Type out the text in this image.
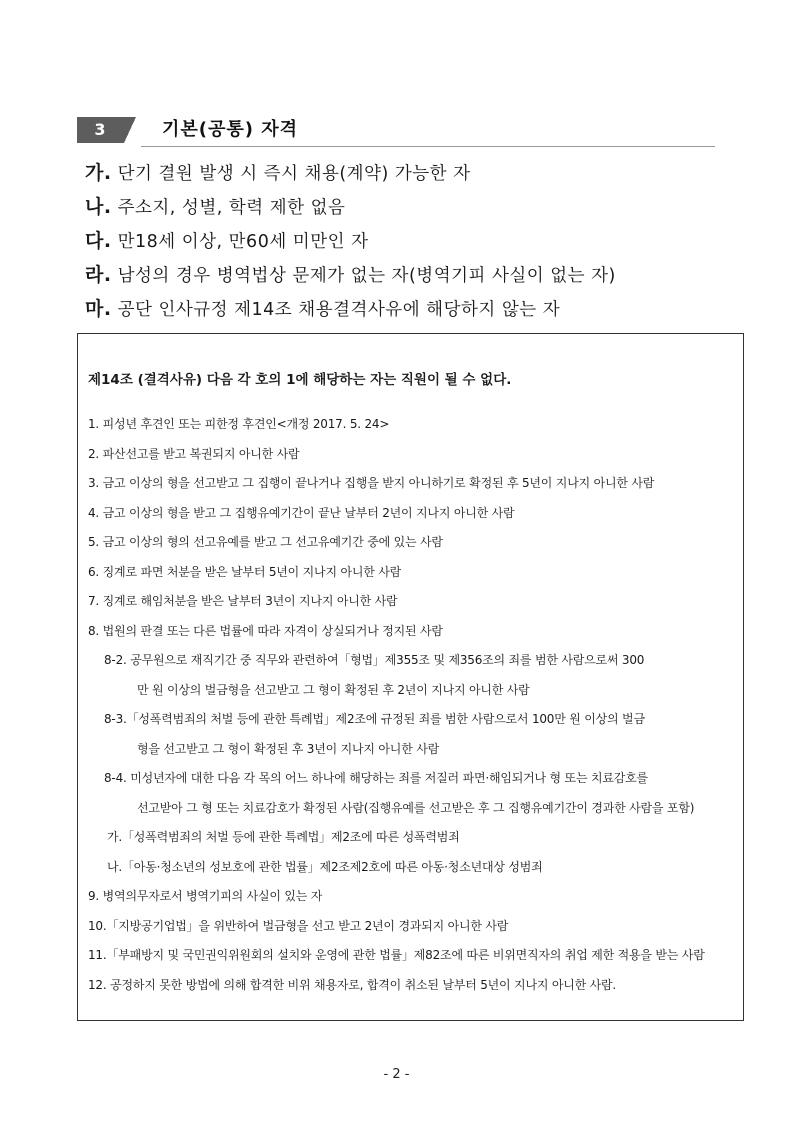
3	기본(공통) 자격
가. 단기 결원 발생 시 즉시 채용(계약) 가능한 자
나. 주소지, 성별, 학력 제한 없음
다. 만18세 이상, 만60세 미만인 자
라. 남성의 경우 병역법상 문제가 없는 자(병역기피 사실이 없는 자)
마. 공단 인사규정 제14조 채용결격사유에 해당하지 않는 자
제14조 (결격사유) 다음 각 호의 1에 해당하는 자는 직원이 될 수 없다.
1. 피성년 후견인 또는 피한정 후견인<개정 2017. 5. 24>
2. 파산선고를 받고 복권되지 아니한 사람
3. 금고 이상의 형을 선고받고 그 집행이 끝나거나 집행을 받지 아니하기로 확정된 후 5년이 지나지 아니한 사람
4. 금고 이상의 형을 받고 그 집행유예기간이 끝난 날부터 2년이 지나지 아니한 사람
5. 금고 이상의 형의 선고유예를 받고 그 선고유예기간 중에 있는 사람
6. 징계로 파면 처분을 받은 날부터 5년이 지나지 아니한 사람
7. 징계로 해임처분을 받은 날부터 3년이 지나지 아니한 사람
8. 법원의 판결 또는 다른 법률에 따라 자격이 상실되거나 정지된 사람
8-2. 공무원으로 재직기간 중 직무와 관련하여「형법」제355조 및 제356조의 죄를 범한 사람으로써 300
만 원 이상의 벌금형을 선고받고 그 형이 확정된 후 2년이 지나지 아니한 사람
8-3.「성폭력범죄의 처벌 등에 관한 특례법」제2조에 규정된 죄를 범한 사람으로서 100만 원 이상의 벌금
형을 선고받고 그 형이 확정된 후 3년이 지나지 아니한 사람
8-4. 미성년자에 대한 다음 각 목의 어느 하나에 해당하는 죄를 저질러 파면·해임되거나 형 또는 치료감호를
선고받아 그 형 또는 치료감호가 확정된 사람(집행유예를 선고받은 후 그 집행유예기간이 경과한 사람을 포함)
가.「성폭력범죄의 처벌 등에 관한 특례법」제2조에 따른 성폭력범죄
나.「아동·청소년의 성보호에 관한 법률」제2조제2호에 따른 아동·청소년대상 성범죄
9. 병역의무자로서 병역기피의 사실이 있는 자
10.「지방공기업법」을 위반하여 벌금형을 선고 받고 2년이 경과되지 아니한 사람
11.「부패방지 및 국민권익위원회의 설치와 운영에 관한 법률」제82조에 따른 비위면직자의 취업 제한 적용을 받는 사람
12. 공정하지 못한 방법에 의해 합격한 비위 채용자로, 합격이 취소된 날부터 5년이 지나지 아니한 사람.
- 2 -
